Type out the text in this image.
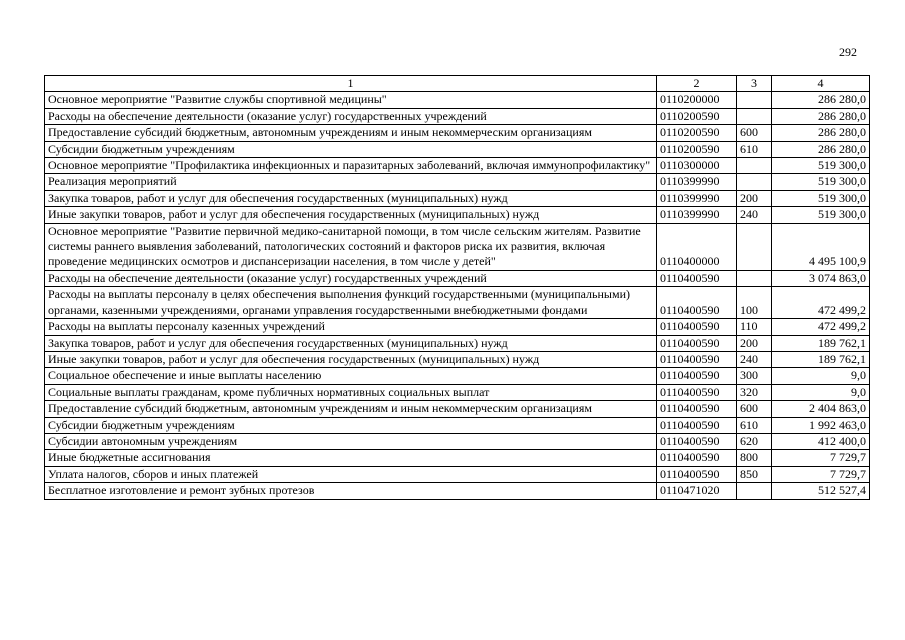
292
1	2	3	4
Основное мероприятие "Развитие службы спортивной медицины"	0110200000		286 280,0
Расходы на обеспечение деятельности (оказание услуг) государственных учреждений	0110200590		286 280,0
Предоставление субсидий бюджетным, автономным учреждениям и иным некоммерческим организациям	0110200590	600	286 280,0
Субсидии бюджетным учреждениям	0110200590	610	286 280,0
Основное мероприятие "Профилактика инфекционных и паразитарных заболеваний, включая иммунопрофилактику"	0110300000		519 300,0
Реализация мероприятий	0110399990		519 300,0
Закупка товаров, работ и услуг для обеспечения государственных (муниципальных) нужд	0110399990	200	519 300,0
Иные закупки товаров, работ и услуг для обеспечения государственных (муниципальных) нужд	0110399990	240	519 300,0
Основное мероприятие "Развитие первичной медико-санитарной помощи, в том числе сельским жителям. Развитие системы раннего выявления заболеваний, патологических состояний и факторов риска их развития, включая проведение медицинских осмотров и диспансеризации населения, в том числе у детей"	0110400000		4 495 100,9
Расходы на обеспечение деятельности (оказание услуг) государственных учреждений	0110400590		3 074 863,0
Расходы на выплаты персоналу в целях обеспечения выполнения функций государственными (муниципальными) органами, казенными учреждениями, органами управления государственными внебюджетными фондами	0110400590	100	472 499,2
Расходы на выплаты персоналу казенных учреждений	0110400590	110	472 499,2
Закупка товаров, работ и услуг для обеспечения государственных (муниципальных) нужд	0110400590	200	189 762,1
Иные закупки товаров, работ и услуг для обеспечения государственных (муниципальных) нужд	0110400590	240	189 762,1
Социальное обеспечение и иные выплаты населению	0110400590	300	9,0
Социальные выплаты гражданам, кроме публичных нормативных социальных выплат	0110400590	320	9,0
Предоставление субсидий бюджетным, автономным учреждениям и иным некоммерческим организациям	0110400590	600	2 404 863,0
Субсидии бюджетным учреждениям	0110400590	610	1 992 463,0
Субсидии автономным учреждениям	0110400590	620	412 400,0
Иные бюджетные ассигнования	0110400590	800	7 729,7
Уплата налогов, сборов и иных платежей	0110400590	850	7 729,7
Бесплатное изготовление и ремонт зубных протезов	0110471020		512 527,4
